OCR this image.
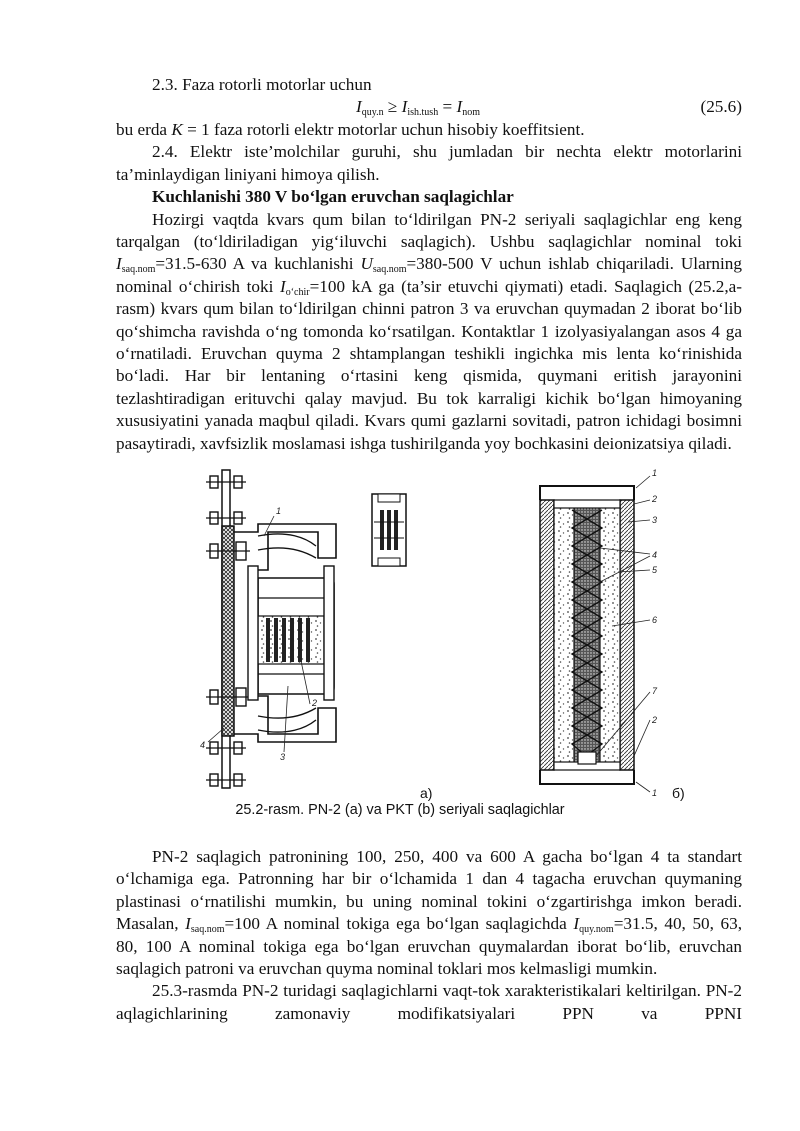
2.3. Faza rotorli motorlar uchun

$I_{quy.n} \ge I_{ish.tush} = I_{nom}$	(25.6)

bu erda K = 1 faza rotorli elektr motorlar uchun hisobiy koeffitsient.

2.4. Elektr iste’molchilar guruhi, shu jumladan bir nechta elektr motorlarini ta’minlaydigan liniyani himoya qilish.

Kuchlanishi 380 V bo‘lgan eruvchan saqlagichlar

Hozirgi vaqtda kvars qum bilan to‘ldirilgan PN-2 seriyali saqlagichlar eng keng tarqalgan (to‘ldiriladigan yig‘iluvchi saqlagich). Ushbu saqlagichlar nominal toki $I_{saq.nom}=31.5-630$ A va kuchlanishi $U_{saq.nom}=380-500$ V uchun ishlab chiqariladi. Ularning nominal o‘chirish toki $I_{o‘chir}=100$ kA ga (ta’sir etuvchi qiymati) etadi. Saqlagich (25.2,a-rasm) kvars qum bilan to‘ldirilgan chinni patron 3 va eruvchan quymadan 2 iborat bo‘lib qo‘shimcha ravishda o‘ng tomonda ko‘rsatilgan. Kontaktlar 1 izolyasiyalangan asos 4 ga o‘rnatiladi. Eruvchan quyma 2 shtamplangan teshikli ingichka mis lenta ko‘rinishida bo‘ladi. Har bir lentaning o‘rtasini keng qismida, quymani eritish jarayonini tezlashtiradigan erituvchi qalay mavjud. Bu tok karraligi kichik bo‘lgan himoyaning xususiyatini yanada maqbul qiladi. Kvars qumi gazlarni sovitadi, patron ichidagi bosimni pasaytiradi, xavfsizlik moslamasi ishga tushirilganda yoy bochkasini deionizatsiya qiladi.

1
2
3
4
1
2
3
4
5
6
7
2
1
a)	б)
25.2-rasm. PN-2 (a) va PKT (b) seriyali saqlagichlar

PN-2 saqlagich patronining 100, 250, 400 va 600 A gacha bo‘lgan 4 ta standart o‘lchamiga ega. Patronning har bir o‘lchamida 1 dan 4 tagacha eruvchan quymaning plastinasi o‘rnatilishi mumkin, bu uning nominal tokini o‘zgartirishga imkon beradi. Masalan, $I_{saq.nom}=100$ A nominal tokiga ega bo‘lgan saqlagichda $I_{quy.nom}=31.5$, 40, 50, 63, 80, 100 A nominal tokiga ega bo‘lgan eruvchan quymalardan iborat bo‘lib, eruvchan saqlagich patroni va eruvchan quyma nominal toklari mos kelmasligi mumkin.

25.3-rasmda PN-2 turidagi saqlagichlarni vaqt-tok xarakteristikalari keltirilgan. PN-2 aqlagichlarining zamonaviy modifikatsiyalari PPN va PPNI
